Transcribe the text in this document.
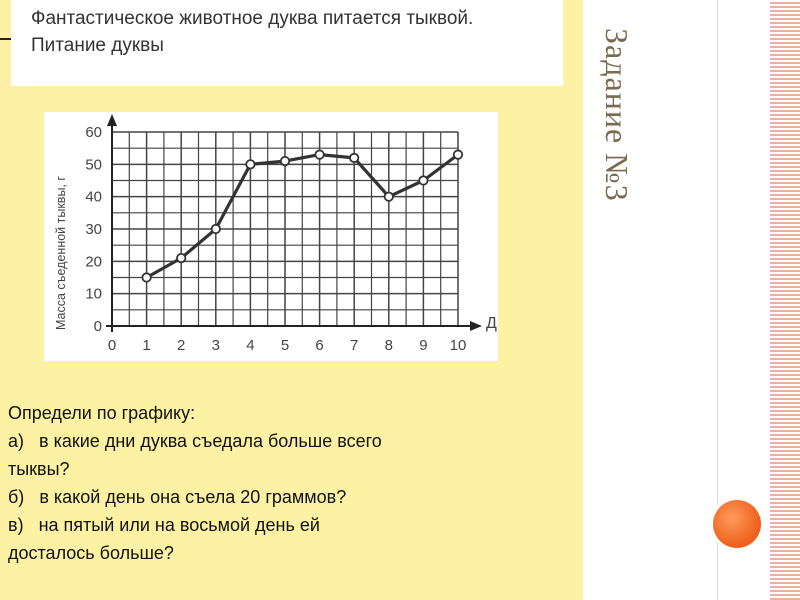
Фантастическое животное дуква питается тыквой.
Питание дуквы
0
10
20
30
40
50
60
0 1 2 3 4 5 6 7 8 9 10
Масса съеденной тыквы, г	Д
Определи по графику:
а) в какие дни дуква съедала больше всего
тыквы?
б) в какой день она съела 20 граммов?
в) на пятый или на восьмой день ей
досталось больше?
Задание №3
